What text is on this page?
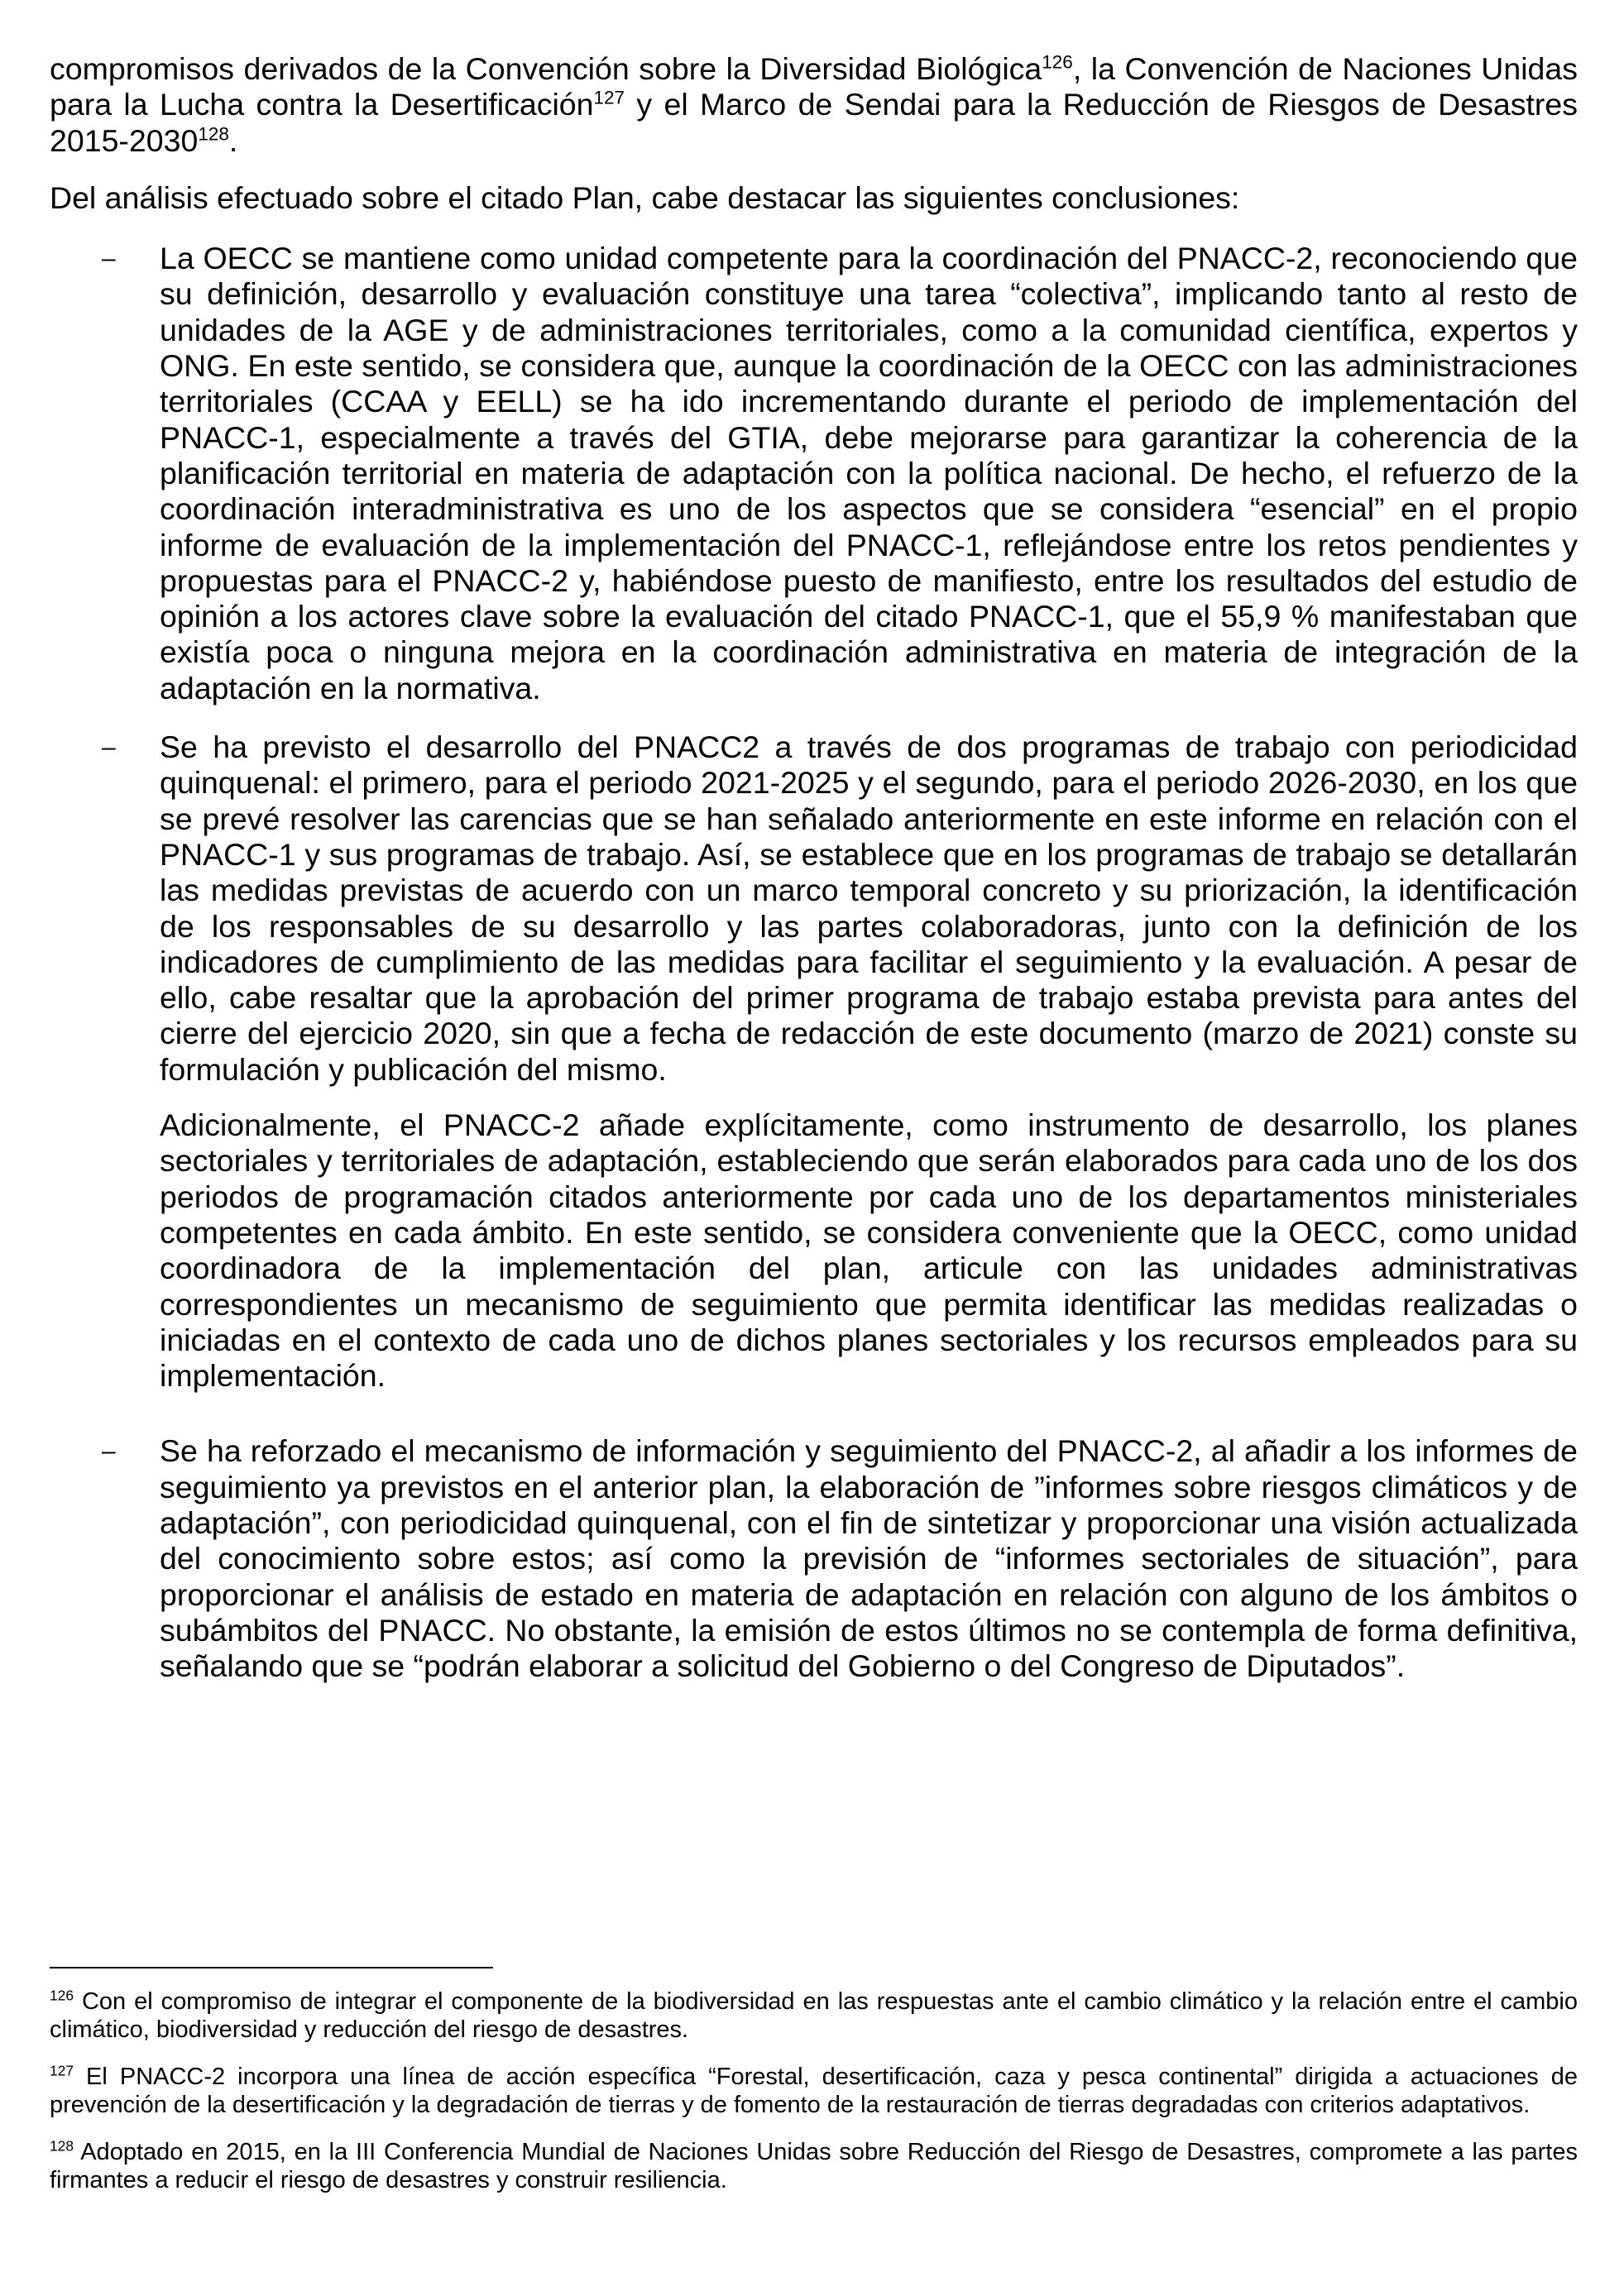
compromisos derivados de la Convención sobre la Diversidad Biológica$^{126}$, la Convención de Naciones Unidas para la Lucha contra la Desertificación$^{127}$ y el Marco de Sendai para la Reducción de Riesgos de Desastres 2015-2030$^{128}$.

Del análisis efectuado sobre el citado Plan, cabe destacar las siguientes conclusiones:

– La OECC se mantiene como unidad competente para la coordinación del PNACC-2, reconociendo que su definición, desarrollo y evaluación constituye una tarea “colectiva”, implicando tanto al resto de unidades de la AGE y de administraciones territoriales, como a la comunidad científica, expertos y ONG. En este sentido, se considera que, aunque la coordinación de la OECC con las administraciones territoriales (CCAA y EELL) se ha ido incrementando durante el periodo de implementación del PNACC-1, especialmente a través del GTIA, debe mejorarse para garantizar la coherencia de la planificación territorial en materia de adaptación con la política nacional. De hecho, el refuerzo de la coordinación interadministrativa es uno de los aspectos que se considera “esencial” en el propio informe de evaluación de la implementación del PNACC-1, reflejándose entre los retos pendientes y propuestas para el PNACC-2 y, habiéndose puesto de manifiesto, entre los resultados del estudio de opinión a los actores clave sobre la evaluación del citado PNACC-1, que el 55,9 % manifestaban que existía poca o ninguna mejora en la coordinación administrativa en materia de integración de la adaptación en la normativa.

– Se ha previsto el desarrollo del PNACC2 a través de dos programas de trabajo con periodicidad quinquenal: el primero, para el periodo 2021-2025 y el segundo, para el periodo 2026-2030, en los que se prevé resolver las carencias que se han señalado anteriormente en este informe en relación con el PNACC-1 y sus programas de trabajo. Así, se establece que en los programas de trabajo se detallarán las medidas previstas de acuerdo con un marco temporal concreto y su priorización, la identificación de los responsables de su desarrollo y las partes colaboradoras, junto con la definición de los indicadores de cumplimiento de las medidas para facilitar el seguimiento y la evaluación. A pesar de ello, cabe resaltar que la aprobación del primer programa de trabajo estaba prevista para antes del cierre del ejercicio 2020, sin que a fecha de redacción de este documento (marzo de 2021) conste su formulación y publicación del mismo.

Adicionalmente, el PNACC-2 añade explícitamente, como instrumento de desarrollo, los planes sectoriales y territoriales de adaptación, estableciendo que serán elaborados para cada uno de los dos periodos de programación citados anteriormente por cada uno de los departamentos ministeriales competentes en cada ámbito. En este sentido, se considera conveniente que la OECC, como unidad coordinadora de la implementación del plan, articule con las unidades administrativas correspondientes un mecanismo de seguimiento que permita identificar las medidas realizadas o iniciadas en el contexto de cada uno de dichos planes sectoriales y los recursos empleados para su implementación.

– Se ha reforzado el mecanismo de información y seguimiento del PNACC-2, al añadir a los informes de seguimiento ya previstos en el anterior plan, la elaboración de ”informes sobre riesgos climáticos y de adaptación”, con periodicidad quinquenal, con el fin de sintetizar y proporcionar una visión actualizada del conocimiento sobre estos; así como la previsión de “informes sectoriales de situación”, para proporcionar el análisis de estado en materia de adaptación en relación con alguno de los ámbitos o subámbitos del PNACC. No obstante, la emisión de estos últimos no se contempla de forma definitiva, señalando que se “podrán elaborar a solicitud del Gobierno o del Congreso de Diputados”.

$^{126}$ Con el compromiso de integrar el componente de la biodiversidad en las respuestas ante el cambio climático y la relación entre el cambio climático, biodiversidad y reducción del riesgo de desastres.

$^{127}$ El PNACC-2 incorpora una línea de acción específica “Forestal, desertificación, caza y pesca continental” dirigida a actuaciones de prevención de la desertificación y la degradación de tierras y de fomento de la restauración de tierras degradadas con criterios adaptativos.

$^{128}$ Adoptado en 2015, en la III Conferencia Mundial de Naciones Unidas sobre Reducción del Riesgo de Desastres, compromete a las partes firmantes a reducir el riesgo de desastres y construir resiliencia.
